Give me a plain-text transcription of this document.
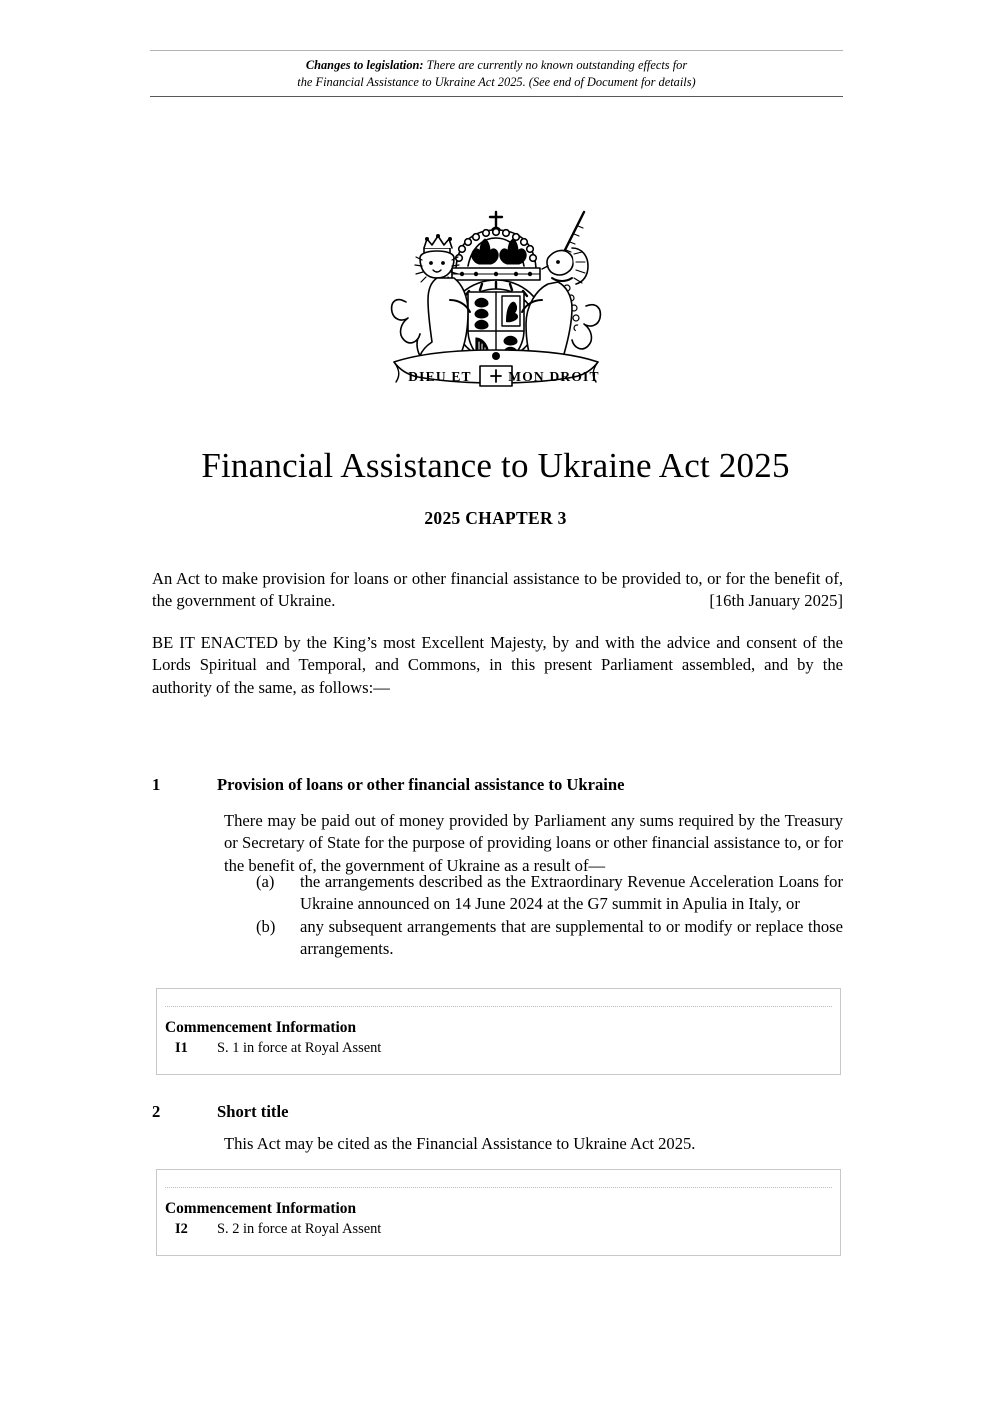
Changes to legislation: There are currently no known outstanding effects for
the Financial Assistance to Ukraine Act 2025. (See end of Document for details)
DIEU ET	MON DROIT
Financial Assistance to Ukraine Act 2025
2025 CHAPTER 3

An Act to make provision for loans or other financial assistance to be provided to, or for the benefit of, the government of Ukraine.	[16th January 2025]

BE IT ENACTED by the King’s most Excellent Majesty, by and with the advice and consent of the Lords Spiritual and Temporal, and Commons, in this present Parliament assembled, and by the authority of the same, as follows:—

1	Provision of loans or other financial assistance to Ukraine

There may be paid out of money provided by Parliament any sums required by the Treasury or Secretary of State for the purpose of providing loans or other financial assistance to, or for the benefit of, the government of Ukraine as a result of—

(a)	the arrangements described as the Extraordinary Revenue Acceleration Loans for Ukraine announced on 14 June 2024 at the G7 summit in Apulia in Italy, or
(b)	any subsequent arrangements that are supplemental to or modify or replace those arrangements.
Commencement Information
I1 S. 1 in force at Royal Assent
2	Short title

This Act may be cited as the Financial Assistance to Ukraine Act 2025.

Commencement Information
I2 S. 2 in force at Royal Assent
